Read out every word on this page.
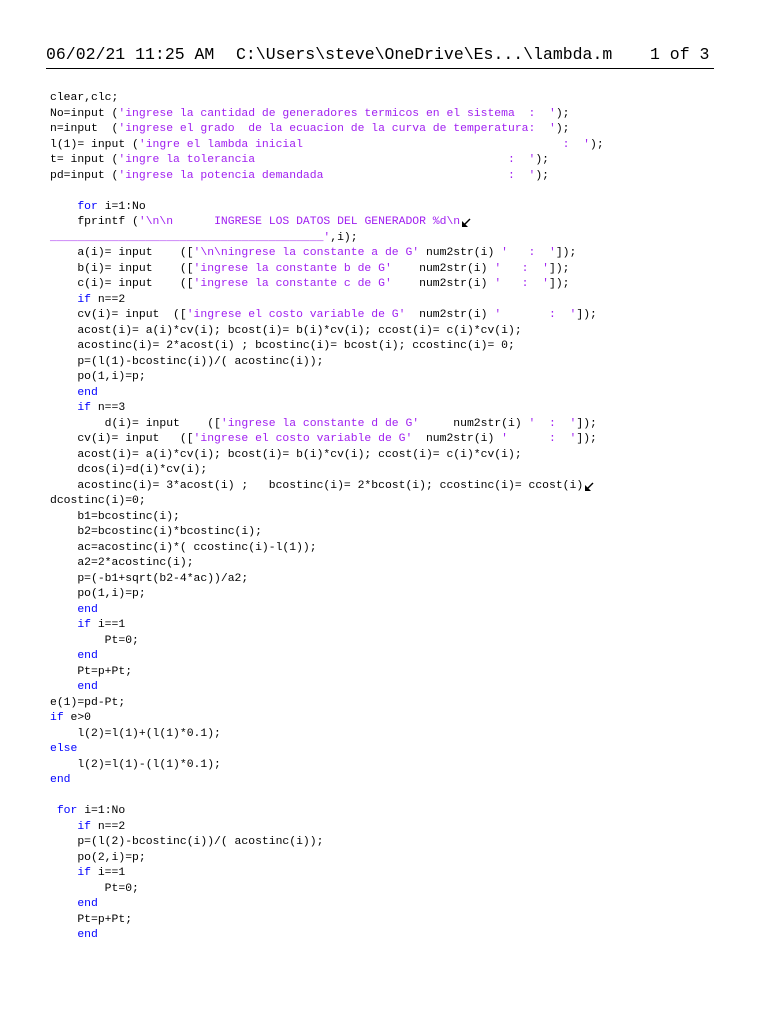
06/02/21 11:25 AM C:\Users\steve\OneDrive\Es...\lambda.m 1 of 3
clear,clc;
No=input ('ingrese la cantidad de generadores termicos en el sistema  :  ');
n=input  ('ingrese el grado  de la ecuacion de la curva de temperatura:  ');
l(1)= input ('ingre el lambda inicial                                      :  ');
t= input ('ingre la tolerancia                                     :  ');
pd=input ('ingrese la potencia demandada                           :  ');
for i=1:No
fprintf ('\n\n      INGRESE LOS DATOS DEL GENERADOR %d\n
________________________________________',i);
a(i)= input    (['\n\ningrese la constante a de G' num2str(i) '   :  ']);
b(i)= input    (['ingrese la constante b de G'    num2str(i) '   :  ']);
c(i)= input    (['ingrese la constante c de G'    num2str(i) '   :  ']);
if n==2
cv(i)= input  (['ingrese el costo variable de G'  num2str(i) '       :  ']);
acost(i)= a(i)*cv(i); bcost(i)= b(i)*cv(i); ccost(i)= c(i)*cv(i);
acostinc(i)= 2*acost(i) ; bcostinc(i)= bcost(i); ccostinc(i)= 0;
p=(l(1)-bcostinc(i))/( acostinc(i));
po(1,i)=p;
end
if n==3
d(i)= input    (['ingrese la constante d de G'     num2str(i) '  :  ']);
cv(i)= input   (['ingrese el costo variable de G'  num2str(i) '      :  ']);
acost(i)= a(i)*cv(i); bcost(i)= b(i)*cv(i); ccost(i)= c(i)*cv(i);
dcos(i)=d(i)*cv(i);
acostinc(i)= 3*acost(i) ;   bcostinc(i)= 2*bcost(i); ccostinc(i)= ccost(i)
dcostinc(i)=0;
b1=bcostinc(i);
b2=bcostinc(i)*bcostinc(i);
ac=acostinc(i)*( ccostinc(i)-l(1));
a2=2*acostinc(i);
p=(-b1+sqrt(b2-4*ac))/a2;
po(1,i)=p;
end
if i==1
Pt=0;
end
Pt=p+Pt;
end
e(1)=pd-Pt;
if e>0
l(2)=l(1)+(l(1)*0.1);
else
l(2)=l(1)-(l(1)*0.1);
end
for i=1:No
if n==2
p=(l(2)-bcostinc(i))/( acostinc(i));
po(2,i)=p;
if i==1
Pt=0;
end
Pt=p+Pt;
end
